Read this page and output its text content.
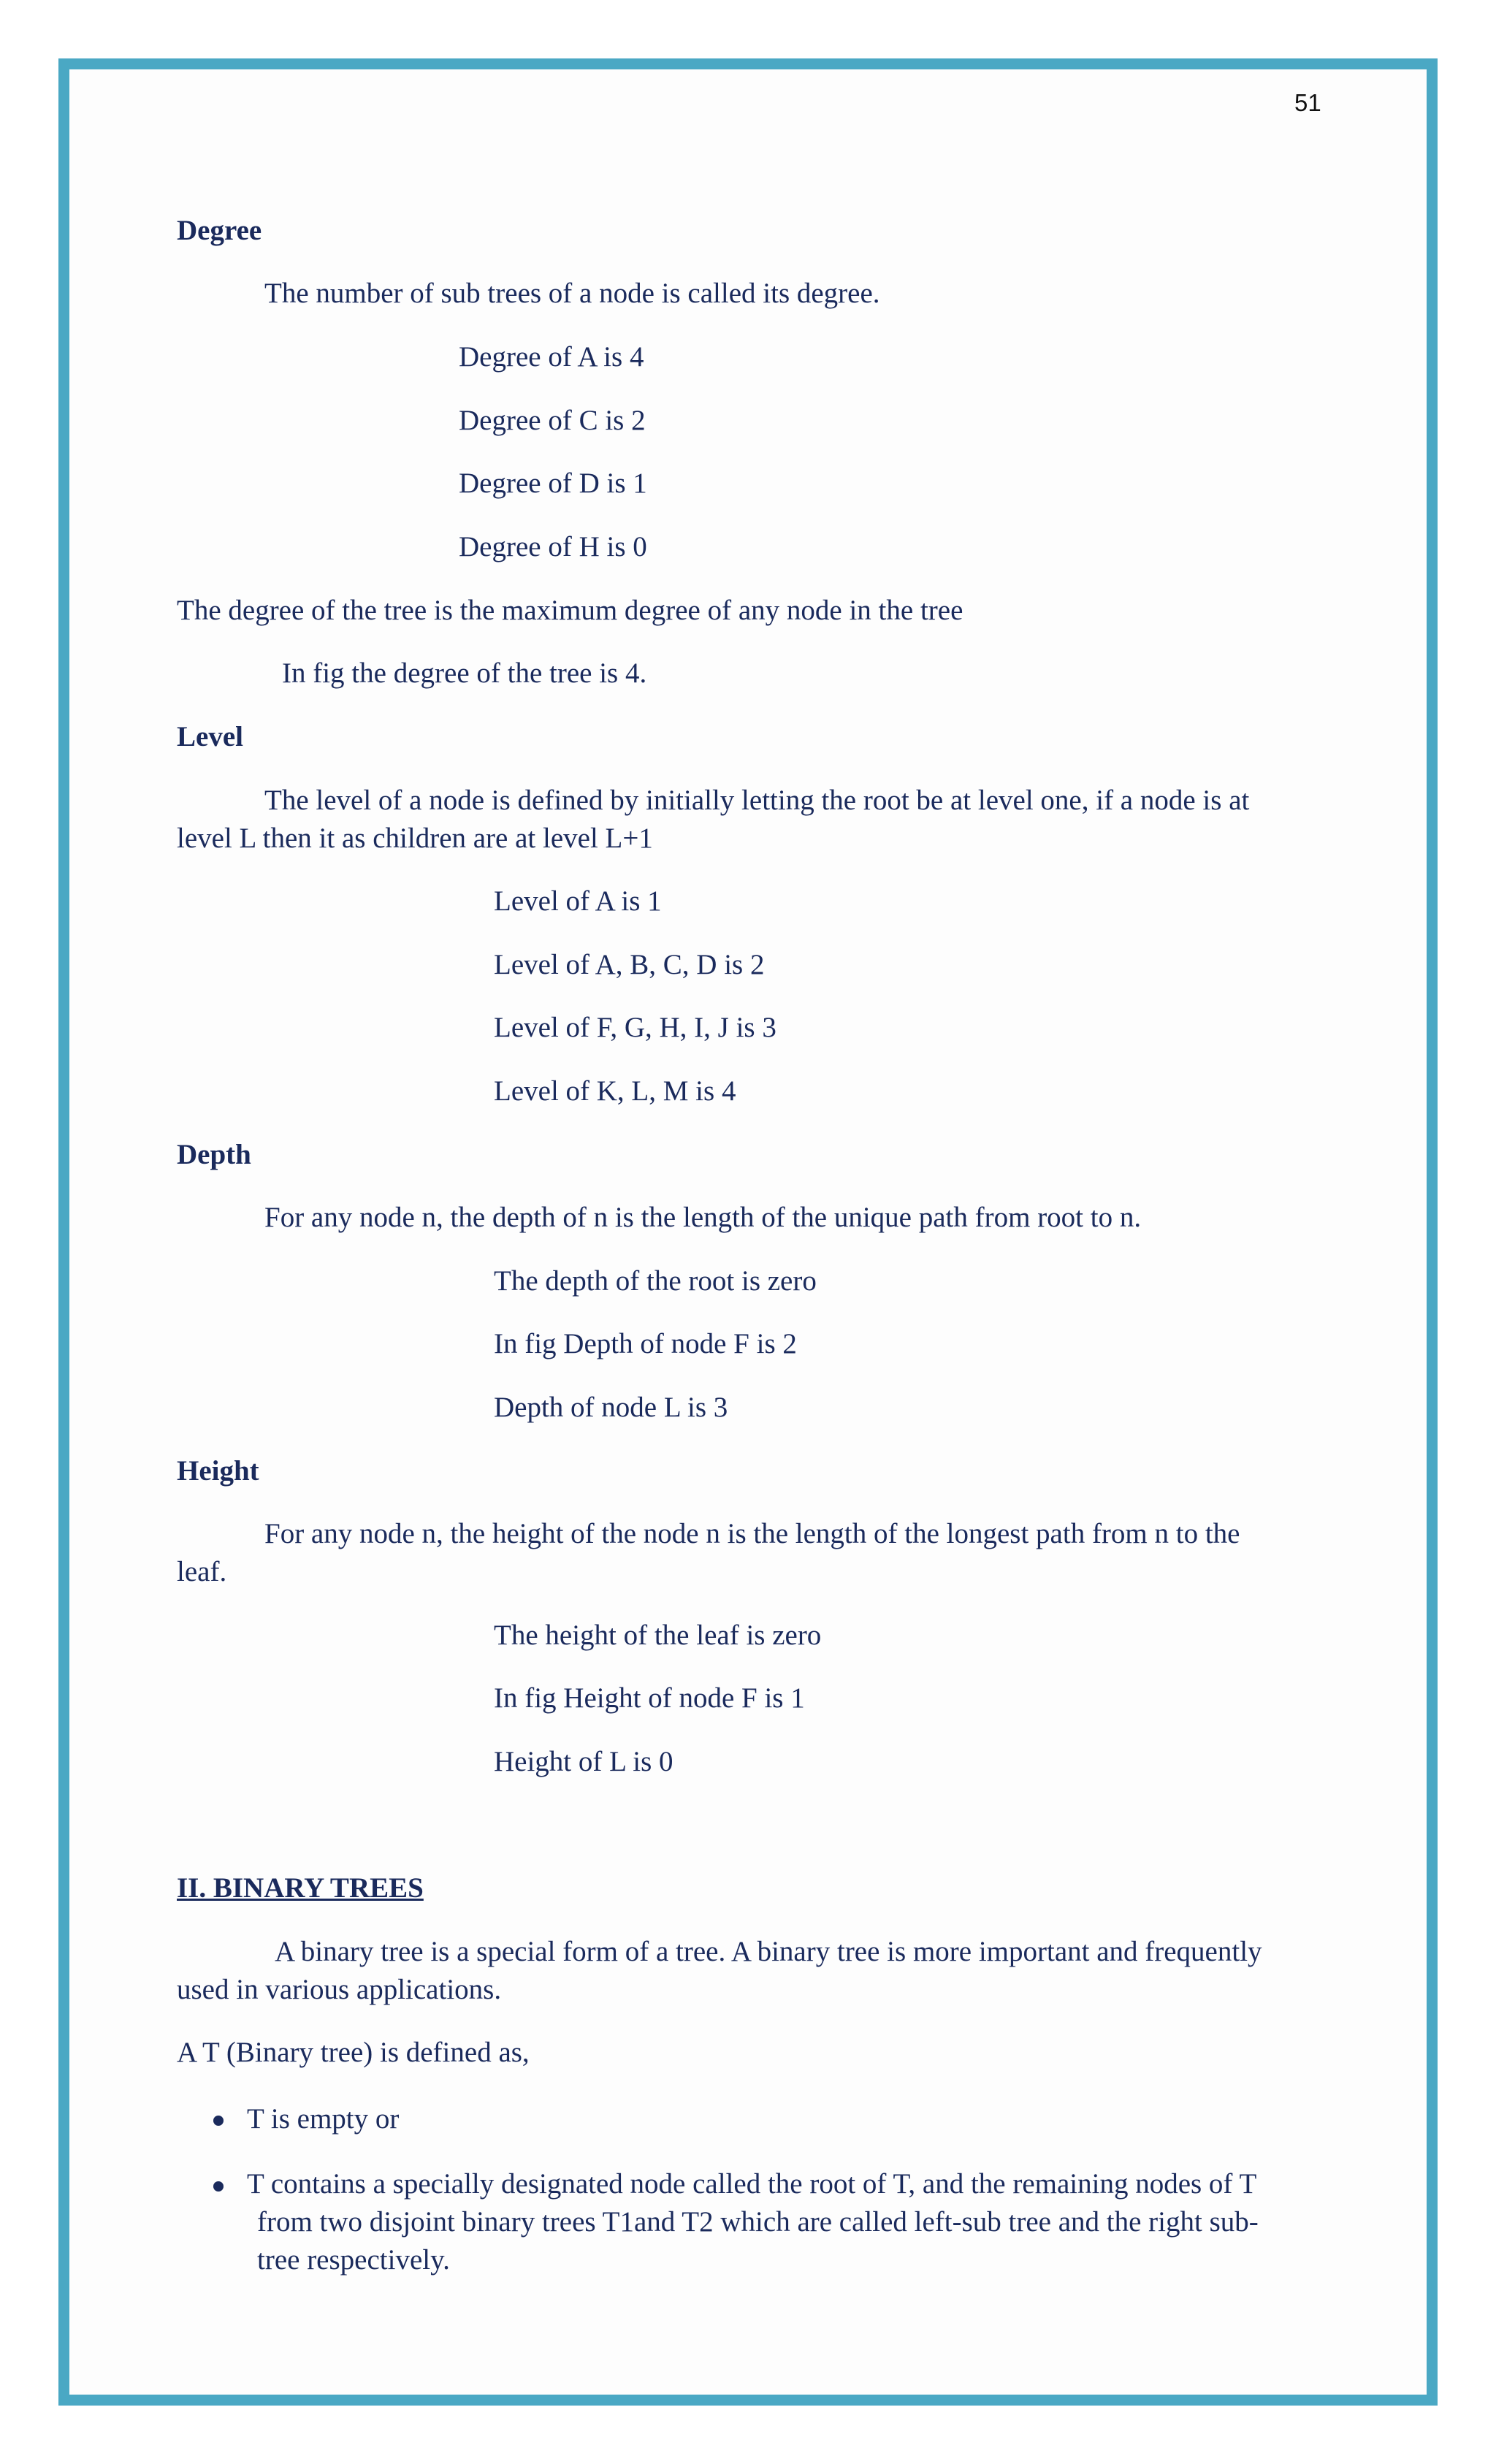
51
Degree
The number of sub trees of a node is called its degree.
Degree of A is 4
Degree of C is 2
Degree of D is 1
Degree of H is 0
The degree of the tree is the maximum degree of any node in the tree
In fig the degree of the tree is 4.
Level
The level of a node is defined by initially letting the root be at level one, if a node is at
level L then it as children are at level L+1
Level of A is 1
Level of A, B, C, D is 2
Level of F, G, H, I, J is 3
Level of K, L, M is 4
Depth
For any node n, the depth of n is the length of the unique path from root to n.
The depth of the root is zero
In fig Depth of node F is 2
Depth of node L is 3
Height
For any node n, the height of the node n is the length of the longest path from n to the
leaf.
The height of the leaf is zero
In fig Height of node F is 1
Height of L is 0
II. BINARY TREES
A binary tree is a special form of a tree. A binary tree is more important and frequently
used in various applications.
A T (Binary tree) is defined as,
T is empty or
T contains a specially designated node called the root of T, and the remaining nodes of T
from two disjoint binary trees T1and T2 which are called left-sub tree and the right sub-
tree respectively.
